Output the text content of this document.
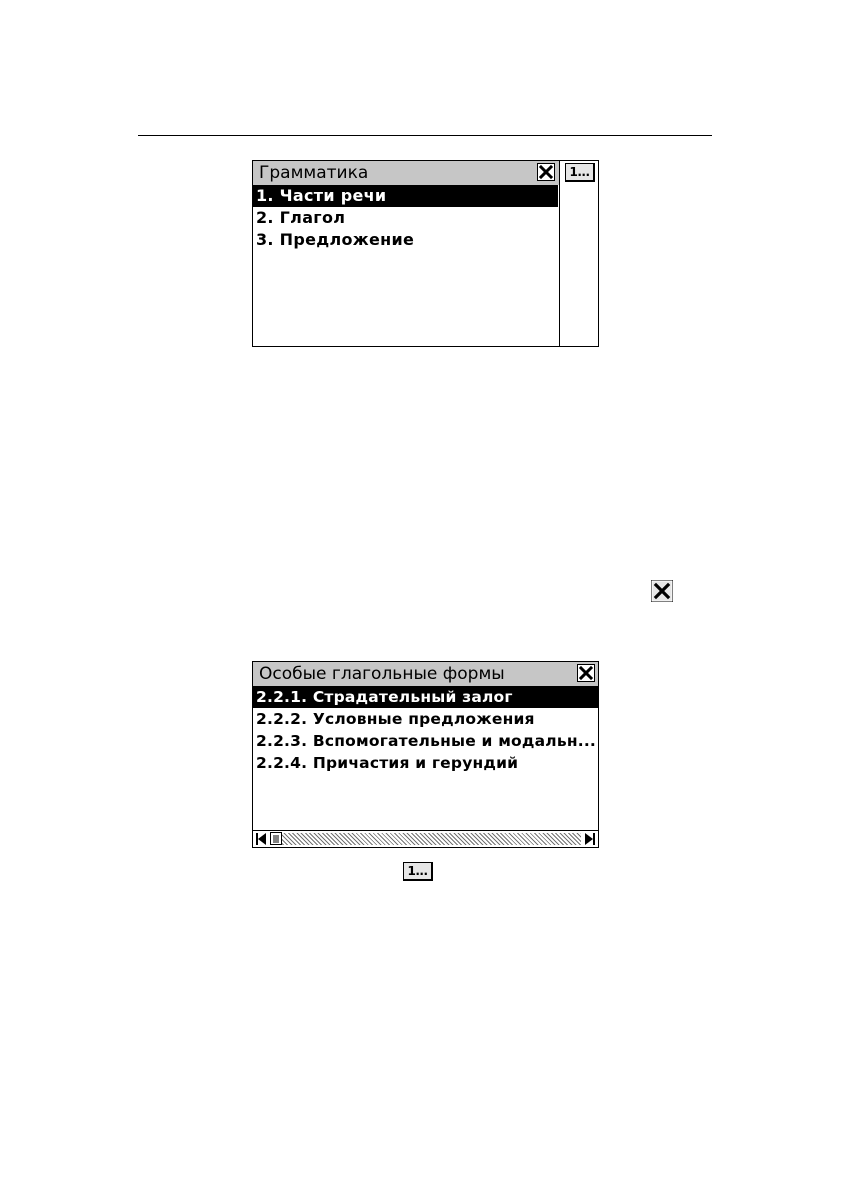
Грамматика
1. Части речи
2. Глагол
3. Предложение
1...
Особые глагольные формы
2.2.1. Страдательный залог
2.2.2. Условные предложения
2.2.3. Вспомогательные и модальн...
2.2.4. Причастия и герундий
1...
